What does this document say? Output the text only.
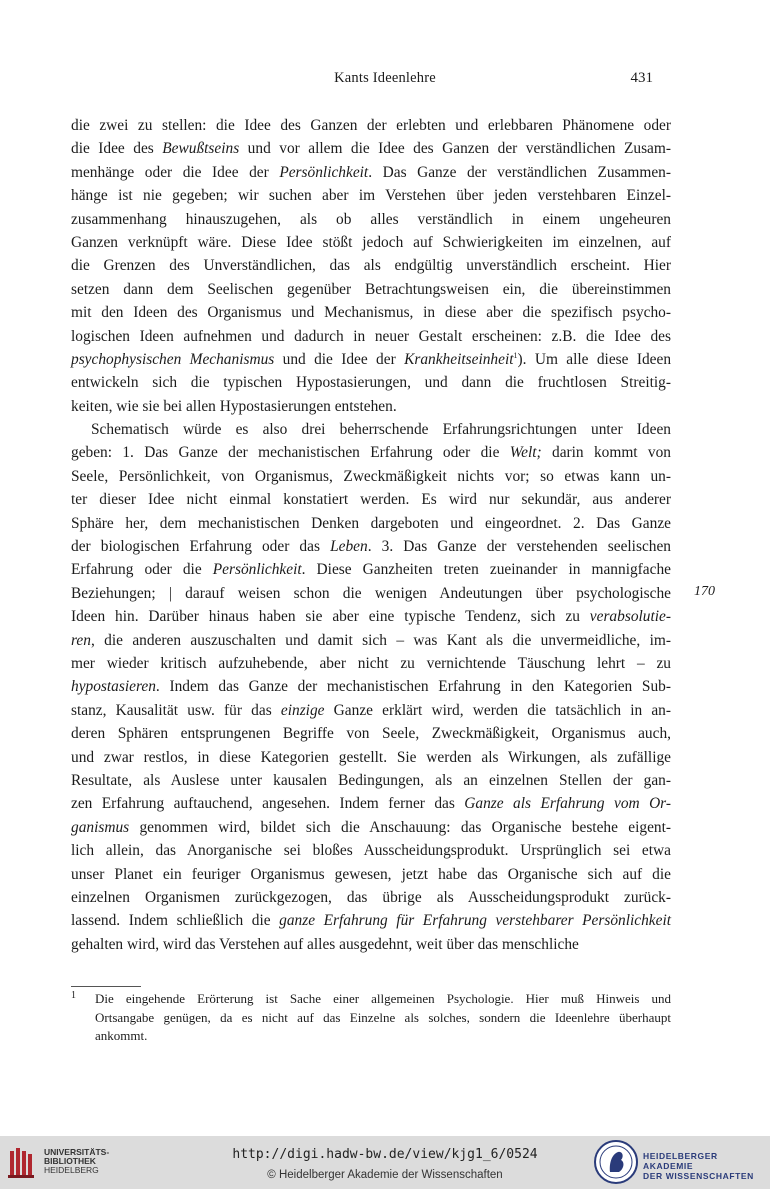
Kants Ideenlehre	431
die zwei zu stellen: die Idee des Ganzen der erlebten und erlebbaren Phänomene oder
die Idee des Bewußtseins und vor allem die Idee des Ganzen der verständlichen Zusam-
menhänge oder die Idee der Persönlichkeit. Das Ganze der verständlichen Zusammen-
hänge ist nie gegeben; wir suchen aber im Verstehen über jeden verstehbaren Einzel-
zusammenhang hinauszugehen, als ob alles verständlich in einem ungeheuren
Ganzen verknüpft wäre. Diese Idee stößt jedoch auf Schwierigkeiten im einzelnen, auf
die Grenzen des Unverständlichen, das als endgültig unverständlich erscheint. Hier
setzen dann dem Seelischen gegenüber Betrachtungsweisen ein, die übereinstimmen
mit den Ideen des Organismus und Mechanismus, in diese aber die spezifisch psycho-
logischen Ideen aufnehmen und dadurch in neuer Gestalt erscheinen: z.B. die Idee des
psychophysischen Mechanismus und die Idee der Krankheitseinheit$^1$). Um alle diese Ideen
entwickeln sich die typischen Hypostasierungen, und dann die fruchtlosen Streitig-
keiten, wie sie bei allen Hypostasierungen entstehen.
Schematisch würde es also drei beherrschende Erfahrungsrichtungen unter Ideen
geben: 1. Das Ganze der mechanistischen Erfahrung oder die Welt; darin kommt von
Seele, Persönlichkeit, von Organismus, Zweckmäßigkeit nichts vor; so etwas kann un-
ter dieser Idee nicht einmal konstatiert werden. Es wird nur sekundär, aus anderer
Sphäre her, dem mechanistischen Denken dargeboten und eingeordnet. 2. Das Ganze
der biologischen Erfahrung oder das Leben. 3. Das Ganze der verstehenden seelischen
Erfahrung oder die Persönlichkeit. Diese Ganzheiten treten zueinander in mannigfache
Beziehungen; | darauf weisen schon die wenigen Andeutungen über psychologische
Ideen hin. Darüber hinaus haben sie aber eine typische Tendenz, sich zu verabsolutie-
ren, die anderen auszuschalten und damit sich – was Kant als die unvermeidliche, im-
mer wieder kritisch aufzuhebende, aber nicht zu vernichtende Täuschung lehrt – zu
hypostasieren. Indem das Ganze der mechanistischen Erfahrung in den Kategorien Sub-
stanz, Kausalität usw. für das einzige Ganze erklärt wird, werden die tatsächlich in an-
deren Sphären entsprungenen Begriffe von Seele, Zweckmäßigkeit, Organismus auch,
und zwar restlos, in diese Kategorien gestellt. Sie werden als Wirkungen, als zufällige
Resultate, als Auslese unter kausalen Bedingungen, als an einzelnen Stellen der gan-
zen Erfahrung auftauchend, angesehen. Indem ferner das Ganze als Erfahrung vom Or-
ganismus genommen wird, bildet sich die Anschauung: das Organische bestehe eigent-
lich allein, das Anorganische sei bloßes Ausscheidungsprodukt. Ursprünglich sei etwa
unser Planet ein feuriger Organismus gewesen, jetzt habe das Organische sich auf die
einzelnen Organismen zurückgezogen, das übrige als Ausscheidungsprodukt zurück-
lassend. Indem schließlich die ganze Erfahrung für Erfahrung verstehbarer Persönlichkeit
gehalten wird, wird das Verstehen auf alles ausgedehnt, weit über das menschliche
170
1 Die eingehende Erörterung ist Sache einer allgemeinen Psychologie. Hier muß Hinweis und
Ortsangabe genügen, da es nicht auf das Einzelne als solches, sondern die Ideenlehre überhaupt
ankommt.
UNIVERSITÄTS-
BIBLIOTHEK
HEIDELBERG
http://digi.hadw-bw.de/view/kjg1_6/0524
© Heidelberger Akademie der Wissenschaften
HEIDELBERGER AKADEMIE
DER WISSENSCHAFTEN
